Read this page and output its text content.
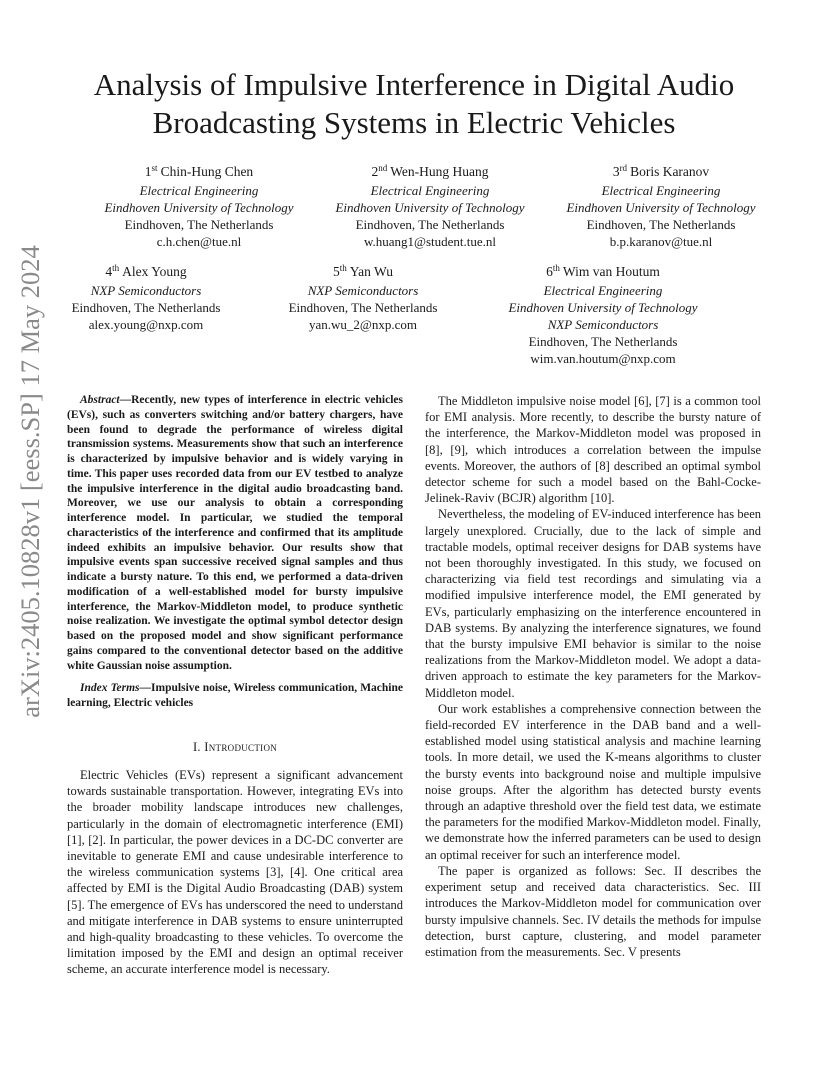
Analysis of Impulsive Interference in Digital Audio Broadcasting Systems in Electric Vehicles
arXiv:2405.10828v1 [eess.SP] 17 May 2024
1st Chin-Hung Chen
Electrical Engineering
Eindhoven University of Technology
Eindhoven, The Netherlands
c.h.chen@tue.nl
2nd Wen-Hung Huang
Electrical Engineering
Eindhoven University of Technology
Eindhoven, The Netherlands
w.huang1@student.tue.nl
3rd Boris Karanov
Electrical Engineering
Eindhoven University of Technology
Eindhoven, The Netherlands
b.p.karanov@tue.nl
4th Alex Young
NXP Semiconductors
Eindhoven, The Netherlands
alex.young@nxp.com
5th Yan Wu
NXP Semiconductors
Eindhoven, The Netherlands
yan.wu_2@nxp.com
6th Wim van Houtum
Electrical Engineering
Eindhoven University of Technology
NXP Semiconductors
Eindhoven, The Netherlands
wim.van.houtum@nxp.com

Abstract—Recently, new types of interference in electric vehicles (EVs), such as converters switching and/or battery chargers, have been found to degrade the performance of wireless digital transmission systems. Measurements show that such an interference is characterized by impulsive behavior and is widely varying in time. This paper uses recorded data from our EV testbed to analyze the impulsive interference in the digital audio broadcasting band. Moreover, we use our analysis to obtain a corresponding interference model. In particular, we studied the temporal characteristics of the interference and confirmed that its amplitude indeed exhibits an impulsive behavior. Our results show that impulsive events span successive received signal samples and thus indicate a bursty nature. To this end, we performed a data-driven modification of a well-established model for bursty impulsive interference, the Markov-Middleton model, to produce synthetic noise realization. We investigate the optimal symbol detector design based on the proposed model and show significant performance gains compared to the conventional detector based on the additive white Gaussian noise assumption.

Index Terms—Impulsive noise, Wireless communication, Machine learning, Electric vehicles

I. Introduction

Electric Vehicles (EVs) represent a significant advancement towards sustainable transportation. However, integrating EVs into the broader mobility landscape introduces new challenges, particularly in the domain of electromagnetic interference (EMI) [1], [2]. In particular, the power devices in a DC-DC converter are inevitable to generate EMI and cause undesirable interference to the wireless communication systems [3], [4]. One critical area affected by EMI is the Digital Audio Broadcasting (DAB) system [5]. The emergence of EVs has underscored the need to understand and mitigate interference in DAB systems to ensure uninterrupted and high-quality broadcasting to these vehicles. To overcome the limitation imposed by the EMI and design an optimal receiver scheme, an accurate interference model is necessary.

The Middleton impulsive noise model [6], [7] is a common tool for EMI analysis. More recently, to describe the bursty nature of the interference, the Markov-Middleton model was proposed in [8], [9], which introduces a correlation between the impulse events. Moreover, the authors of [8] described an optimal symbol detector scheme for such a model based on the Bahl-Cocke-Jelinek-Raviv (BCJR) algorithm [10].

Nevertheless, the modeling of EV-induced interference has been largely unexplored. Crucially, due to the lack of simple and tractable models, optimal receiver designs for DAB systems have not been thoroughly investigated. In this study, we focused on characterizing via field test recordings and simulating via a modified impulsive interference model, the EMI generated by EVs, particularly emphasizing on the interference encountered in DAB systems. By analyzing the interference signatures, we found that the bursty impulsive EMI behavior is similar to the noise realizations from the Markov-Middleton model. We adopt a data-driven approach to estimate the key parameters for the Markov-Middleton model.

Our work establishes a comprehensive connection between the field-recorded EV interference in the DAB band and a well-established model using statistical analysis and machine learning tools. In more detail, we used the K-means algorithms to cluster the bursty events into background noise and multiple impulsive noise groups. After the algorithm has detected bursty events through an adaptive threshold over the field test data, we estimate the parameters for the modified Markov-Middleton model. Finally, we demonstrate how the inferred parameters can be used to design an optimal receiver for such an interference model.

The paper is organized as follows: Sec. II describes the experiment setup and received data characteristics. Sec. III introduces the Markov-Middleton model for communication over bursty impulsive channels. Sec. IV details the methods for impulse detection, burst capture, clustering, and model parameter estimation from the measurements. Sec. V presents
